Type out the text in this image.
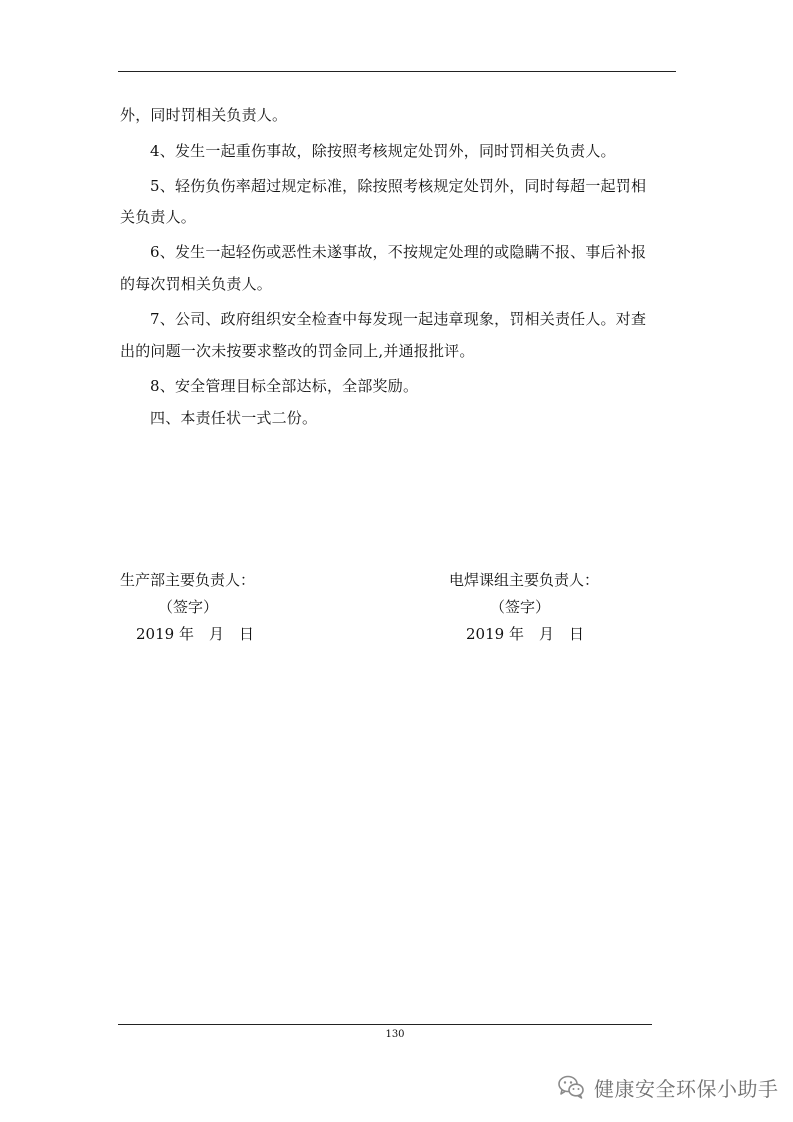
外，同时罚相关负责人。
4、发生一起重伤事故，除按照考核规定处罚外，同时罚相关负责人。
5、轻伤负伤率超过规定标准，除按照考核规定处罚外，同时每超一起罚相
关负责人。
6、发生一起轻伤或恶性未遂事故，不按规定处理的或隐瞒不报、事后补报
的每次罚相关负责人。
7、公司、政府组织安全检查中每发现一起违章现象，罚相关责任人。对查
出的问题一次未按要求整改的罚金同上,并通报批评。
8、安全管理目标全部达标，全部奖励。
四、本责任状一式二份。
生产部主要负责人：
（签字）
2019 年　月　日
电焊课组主要负责人：
（签字）
2019 年　月　日
130
健康安全环保小助手
